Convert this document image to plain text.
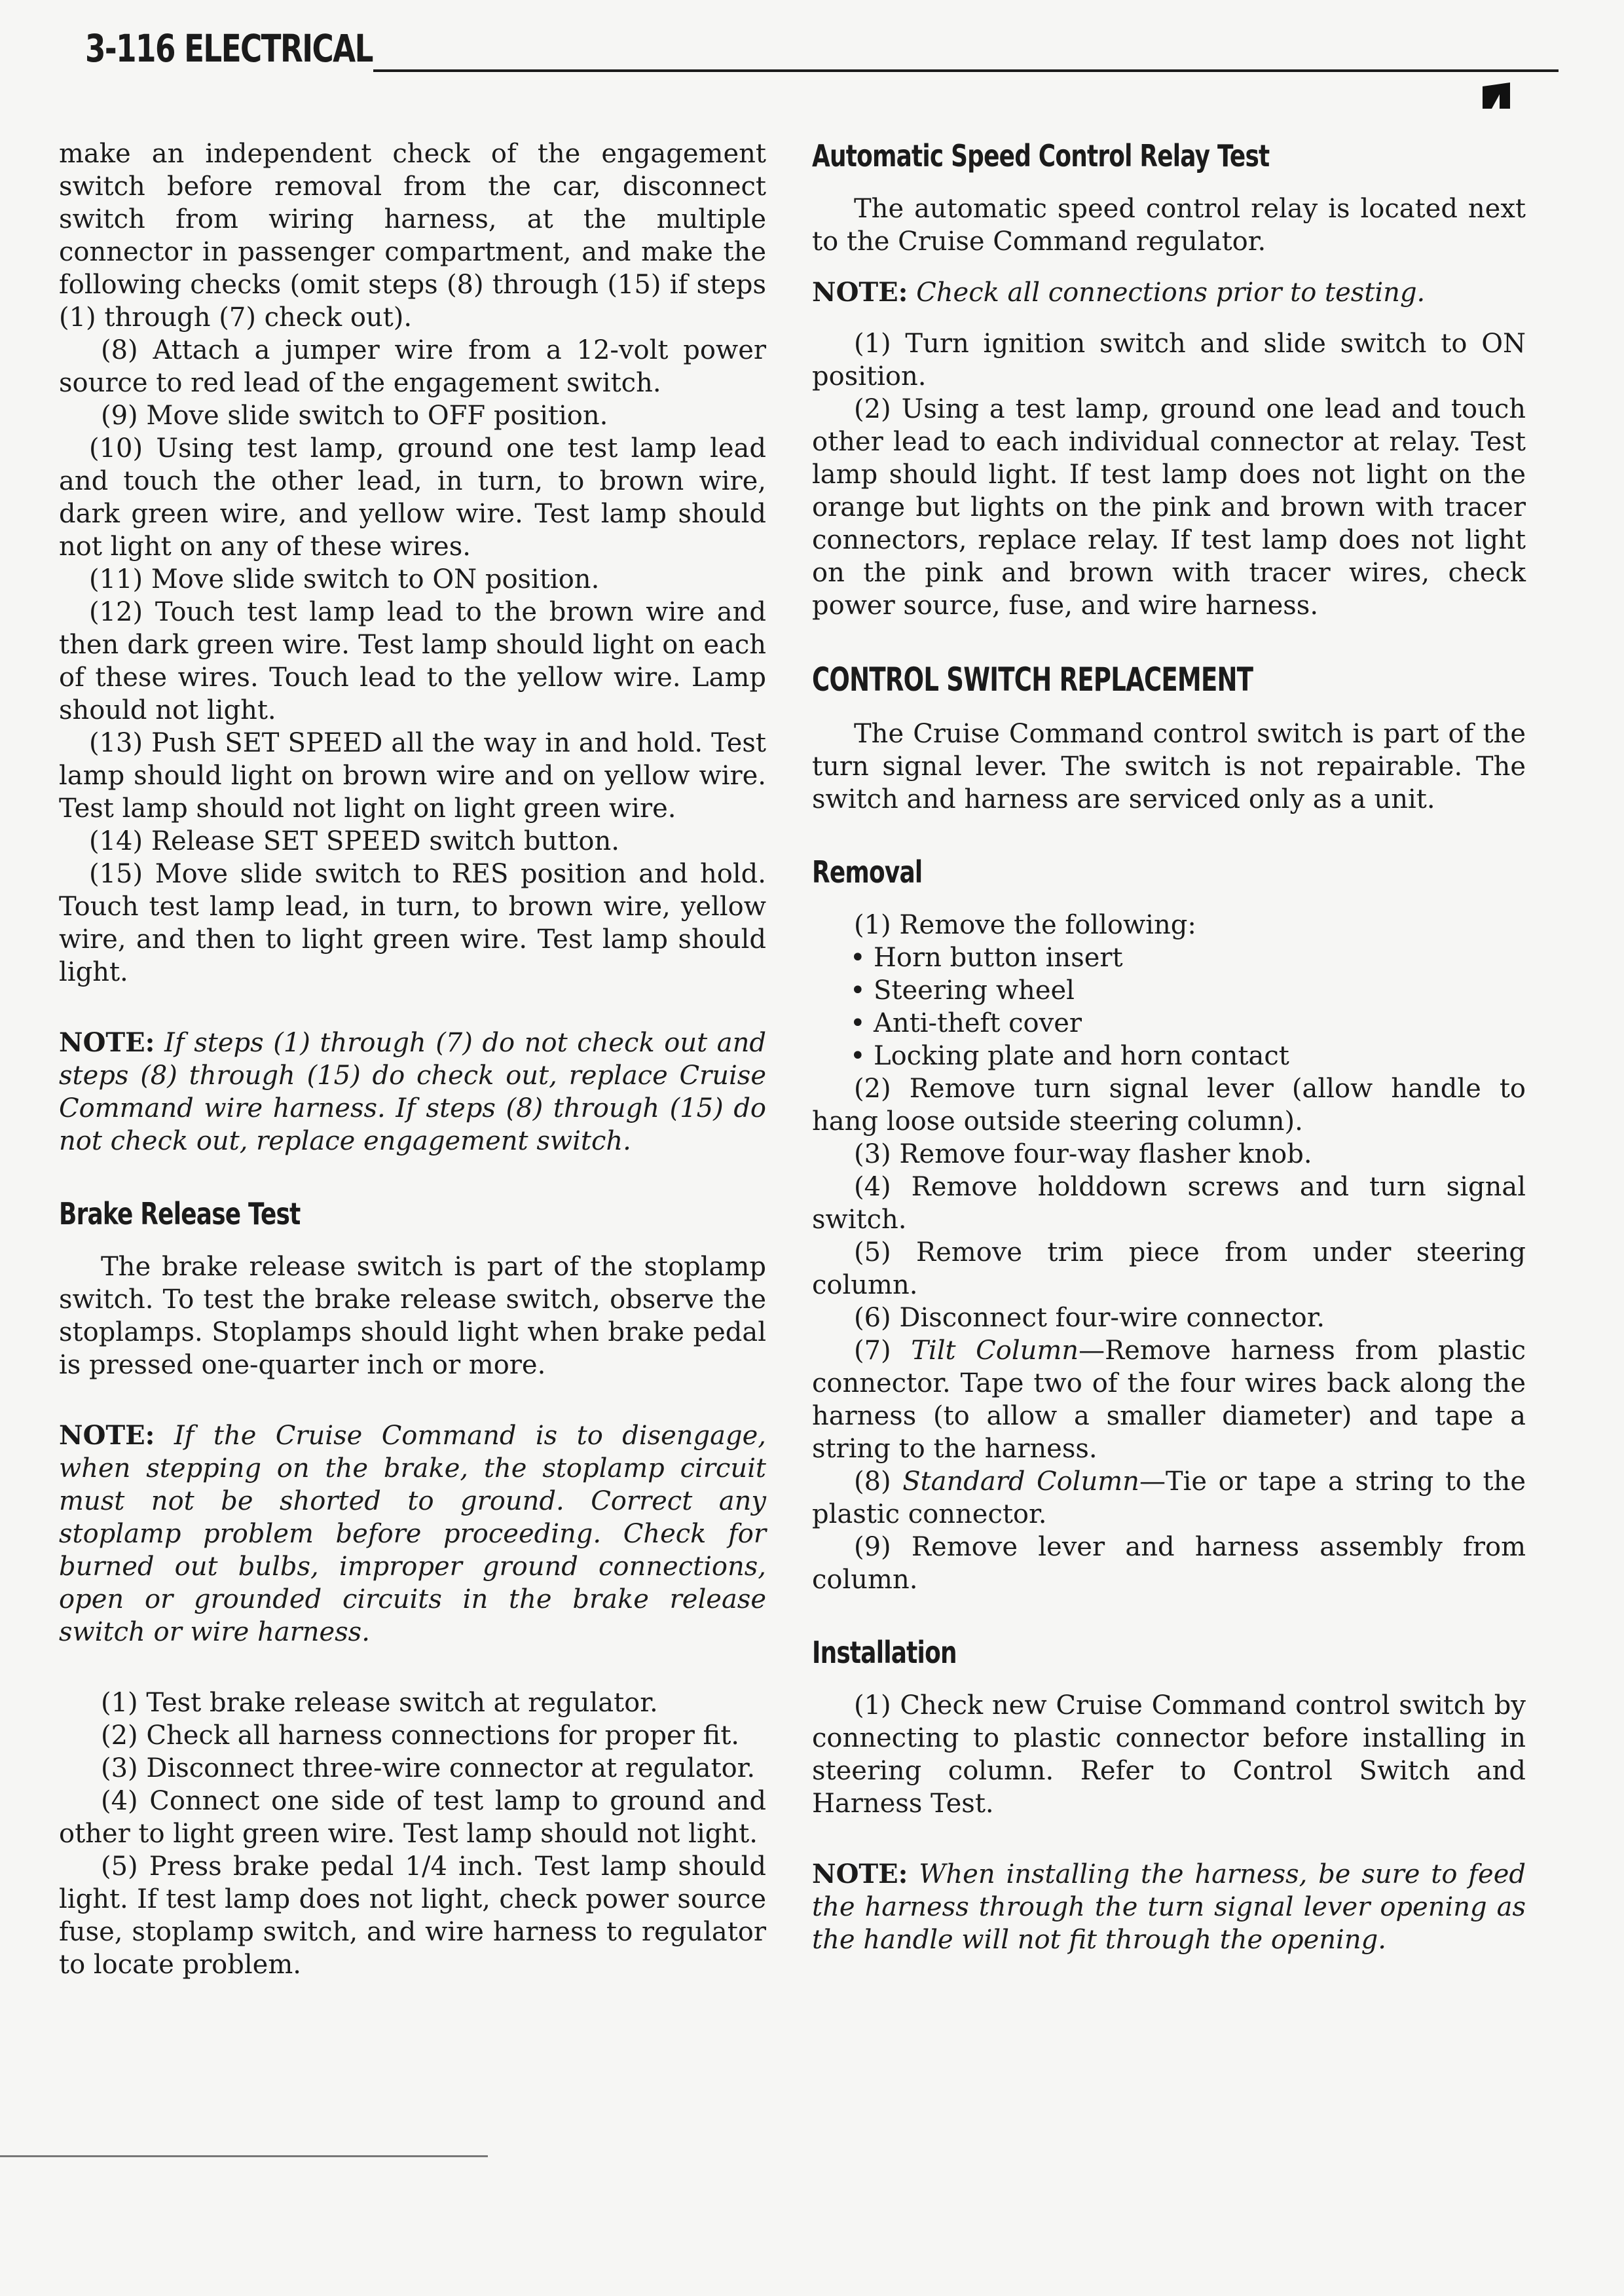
3-116 ELECTRICAL

make an independent check of the engagement switch before removal from the car, disconnect switch from wiring harness, at the multiple connector in passenger compartment, and make the following checks (omit steps (8) through (15) if steps (1) through (7) check out).

(8) Attach a jumper wire from a 12-volt power source to red lead of the engagement switch.

(9) Move slide switch to OFF position.

(10) Using test lamp, ground one test lamp lead and touch the other lead, in turn, to brown wire, dark green wire, and yellow wire. Test lamp should not light on any of these wires.

(11) Move slide switch to ON position.

(12) Touch test lamp lead to the brown wire and then dark green wire. Test lamp should light on each of these wires. Touch lead to the yellow wire. Lamp should not light.

(13) Push SET SPEED all the way in and hold. Test lamp should light on brown wire and on yellow wire. Test lamp should not light on light green wire.

(14) Release SET SPEED switch button.

(15) Move slide switch to RES position and hold. Touch test lamp lead, in turn, to brown wire, yellow wire, and then to light green wire. Test lamp should light.

NOTE: If steps (1) through (7) do not check out and steps (8) through (15) do check out, replace Cruise Command wire harness. If steps (8) through (15) do not check out, replace engagement switch.

Brake Release Test

The brake release switch is part of the stoplamp switch. To test the brake release switch, observe the stoplamps. Stoplamps should light when brake pedal is pressed one-quarter inch or more.

NOTE: If the Cruise Command is to disengage, when stepping on the brake, the stoplamp circuit must not be shorted to ground. Correct any stoplamp problem before proceeding. Check for burned out bulbs, improper ground connections, open or grounded circuits in the brake release switch or wire harness.

(1) Test brake release switch at regulator.

(2) Check all harness connections for proper fit.

(3) Disconnect three-wire connector at regulator.

(4) Connect one side of test lamp to ground and other to light green wire. Test lamp should not light.

(5) Press brake pedal 1/4 inch. Test lamp should light. If test lamp does not light, check power source fuse, stoplamp switch, and wire harness to regulator to locate problem.

Automatic Speed Control Relay Test

The automatic speed control relay is located next to the Cruise Command regulator.

NOTE: Check all connections prior to testing.

(1) Turn ignition switch and slide switch to ON position.

(2) Using a test lamp, ground one lead and touch other lead to each individual connector at relay. Test lamp should light. If test lamp does not light on the orange but lights on the pink and brown with tracer connectors, replace relay. If test lamp does not light on the pink and brown with tracer wires, check power source, fuse, and wire harness.

CONTROL SWITCH REPLACEMENT

The Cruise Command control switch is part of the turn signal lever. The switch is not repairable. The switch and harness are serviced only as a unit.

Removal

(1) Remove the following:

• Horn button insert
• Steering wheel
• Anti-theft cover
• Locking plate and horn contact

(2) Remove turn signal lever (allow handle to hang loose outside steering column).

(3) Remove four-way flasher knob.

(4) Remove holddown screws and turn signal switch.

(5) Remove trim piece from under steering column.

(6) Disconnect four-wire connector.

(7) Tilt Column—Remove harness from plastic connector. Tape two of the four wires back along the harness (to allow a smaller diameter) and tape a string to the harness.

(8) Standard Column—Tie or tape a string to the plastic connector.

(9) Remove lever and harness assembly from column.

Installation

(1) Check new Cruise Command control switch by connecting to plastic connector before installing in steering column. Refer to Control Switch and Harness Test.

NOTE: When installing the harness, be sure to feed the harness through the turn signal lever opening as the handle will not fit through the opening.
